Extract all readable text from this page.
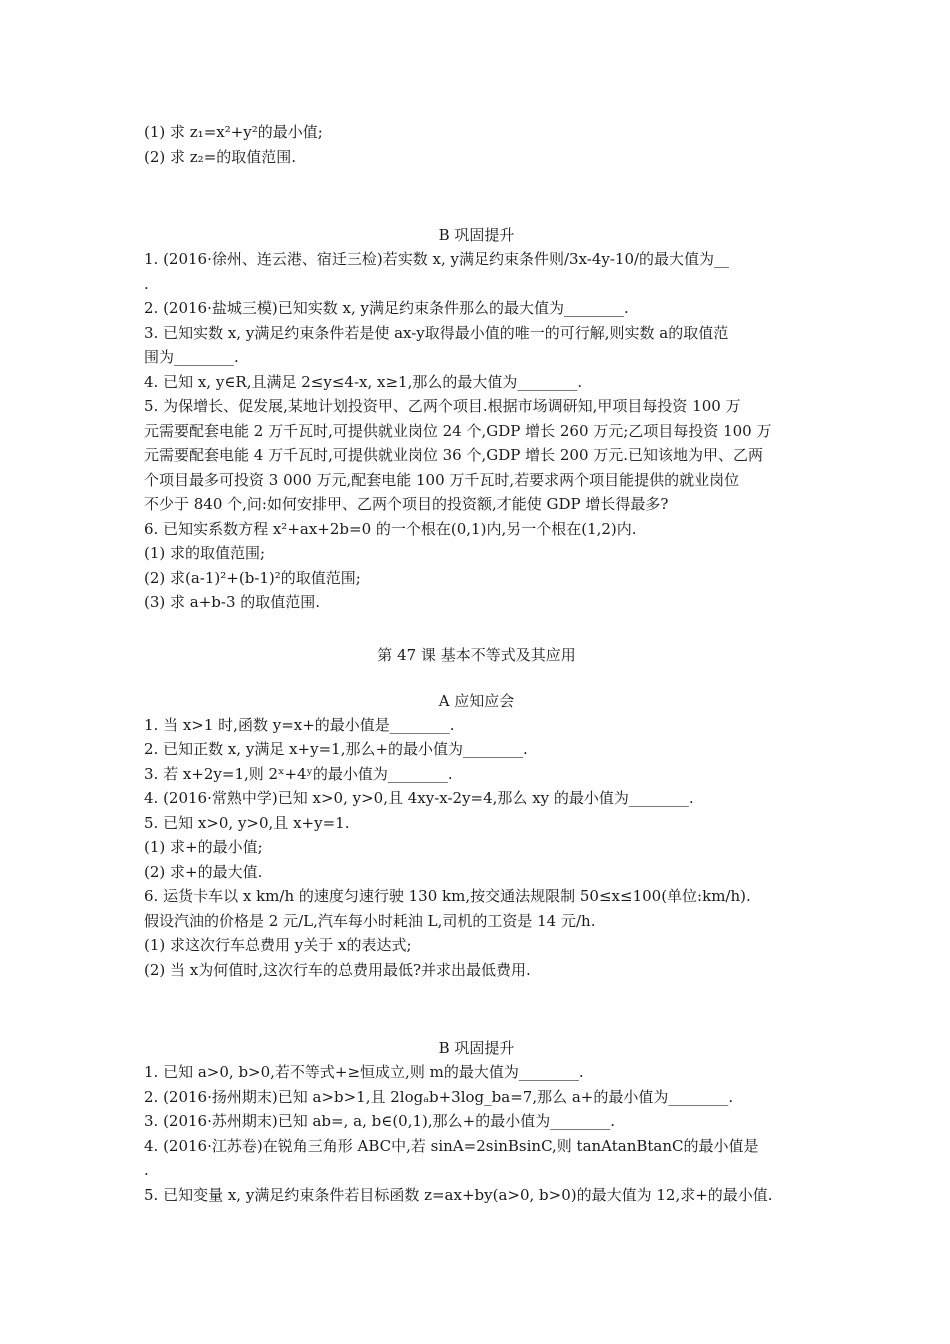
(1) 求 z₁=x²+y²的最小值;

(2) 求 z₂=的取值范围.

B 巩固提升

1. (2016·徐州、连云港、宿迁三检)若实数 x, y满足约束条件则/3x-4y-10/的最大值为__

.

2. (2016·盐城三模)已知实数 x, y满足约束条件那么的最大值为________.

3. 已知实数 x, y满足约束条件若是使 ax-y取得最小值的唯一的可行解,则实数 a的取值范

围为________.

4. 已知 x, y∈R,且满足 2≤y≤4-x, x≥1,那么的最大值为________.

5. 为保增长、促发展,某地计划投资甲、乙两个项目.根据市场调研知,甲项目每投资 100 万

元需要配套电能 2 万千瓦时,可提供就业岗位 24 个,GDP 增长 260 万元;乙项目每投资 100 万

元需要配套电能 4 万千瓦时,可提供就业岗位 36 个,GDP 增长 200 万元.已知该地为甲、乙两

个项目最多可投资 3 000 万元,配套电能 100 万千瓦时,若要求两个项目能提供的就业岗位

不少于 840 个,问:如何安排甲、乙两个项目的投资额,才能使 GDP 增长得最多?

6. 已知实系数方程 x²+ax+2b=0 的一个根在(0,1)内,另一个根在(1,2)内.

(1) 求的取值范围;

(2) 求(a-1)²+(b-1)²的取值范围;

(3) 求 a+b-3 的取值范围.

第 47 课 基本不等式及其应用

A 应知应会

1. 当 x>1 时,函数 y=x+的最小值是________.

2. 已知正数 x, y满足 x+y=1,那么+的最小值为________.

3. 若 x+2y=1,则 2ˣ+4ʸ的最小值为________.

4. (2016·常熟中学)已知 x>0, y>0,且 4xy-x-2y=4,那么 xy 的最小值为________.

5. 已知 x>0, y>0,且 x+y=1.

(1) 求+的最小值;

(2) 求+的最大值.

6. 运货卡车以 x km/h 的速度匀速行驶 130 km,按交通法规限制 50≤x≤100(单位:km/h).

假设汽油的价格是 2 元/L,汽车每小时耗油 L,司机的工资是 14 元/h.

(1) 求这次行车总费用 y关于 x的表达式;

(2) 当 x为何值时,这次行车的总费用最低?并求出最低费用.

B 巩固提升

1. 已知 a>0, b>0,若不等式+≥恒成立,则 m的最大值为________.

2. (2016·扬州期末)已知 a>b>1,且 2logₐb+3log_ba=7,那么 a+的最小值为________.

3. (2016·苏州期末)已知 ab=, a, b∈(0,1),那么+的最小值为________.

4. (2016·江苏卷)在锐角三角形 ABC中,若 sinA=2sinBsinC,则 tanAtanBtanC的最小值是

.

5. 已知变量 x, y满足约束条件若目标函数 z=ax+by(a>0, b>0)的最大值为 12,求+的最小值.
